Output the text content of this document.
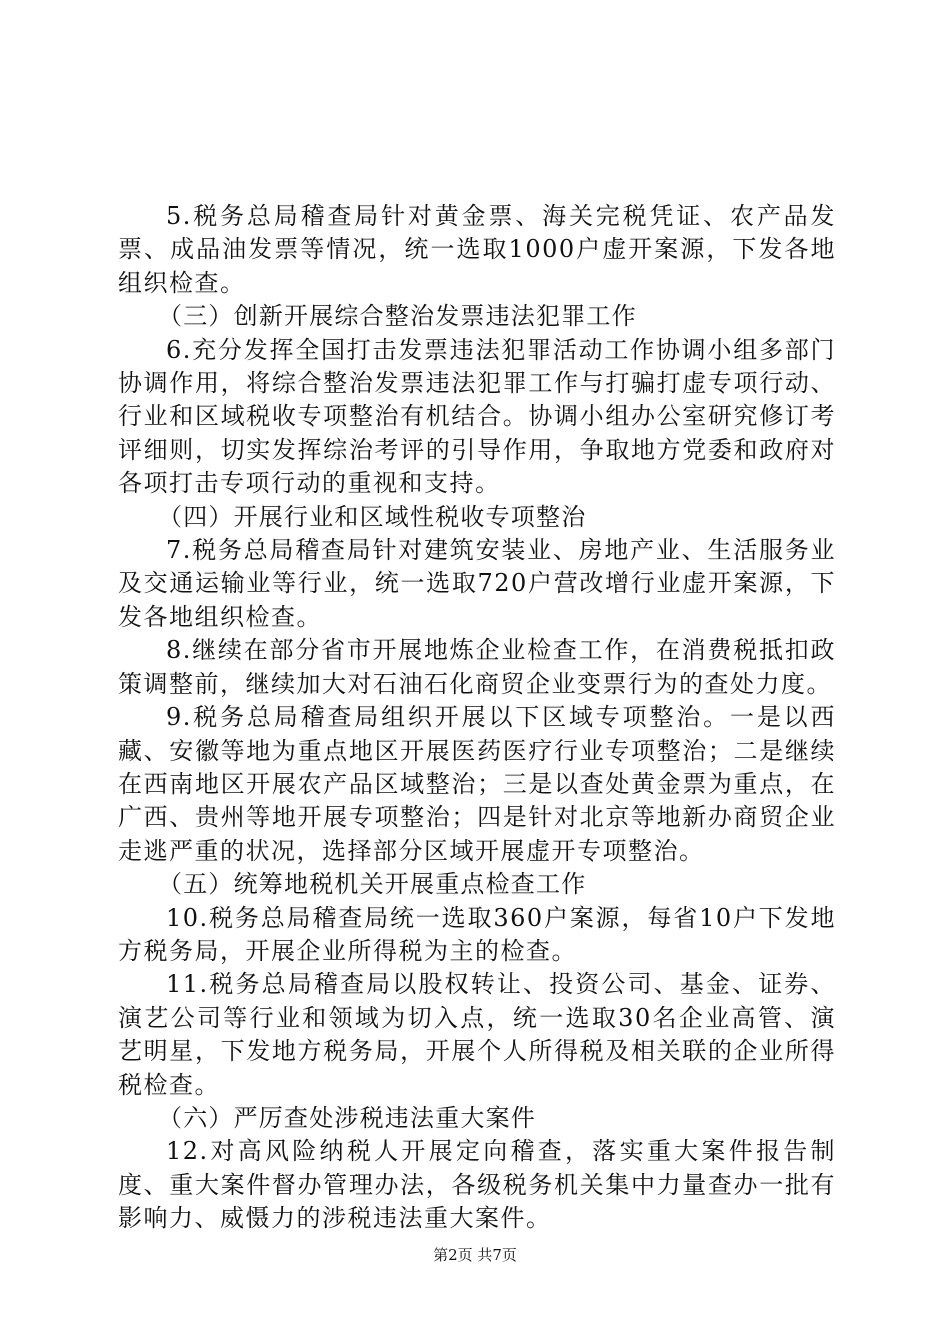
5.税务总局稽查局针对黄金票、海关完税凭证、农产品发票、成品油发票等情况，统一选取1000户虚开案源，下发各地组织检查。

（三）创新开展综合整治发票违法犯罪工作

6.充分发挥全国打击发票违法犯罪活动工作协调小组多部门协调作用，将综合整治发票违法犯罪工作与打骗打虚专项行动、行业和区域税收专项整治有机结合。协调小组办公室研究修订考评细则，切实发挥综治考评的引导作用，争取地方党委和政府对各项打击专项行动的重视和支持。

（四）开展行业和区域性税收专项整治

7.税务总局稽查局针对建筑安装业、房地产业、生活服务业及交通运输业等行业，统一选取720户营改增行业虚开案源，下发各地组织检查。

8.继续在部分省市开展地炼企业检查工作，在消费税抵扣政策调整前，继续加大对石油石化商贸企业变票行为的查处力度。

9.税务总局稽查局组织开展以下区域专项整治。一是以西藏、安徽等地为重点地区开展医药医疗行业专项整治；二是继续在西南地区开展农产品区域整治；三是以查处黄金票为重点，在广西、贵州等地开展专项整治；四是针对北京等地新办商贸企业走逃严重的状况，选择部分区域开展虚开专项整治。

（五）统筹地税机关开展重点检查工作

10.税务总局稽查局统一选取360户案源，每省10户下发地方税务局，开展企业所得税为主的检查。

11.税务总局稽查局以股权转让、投资公司、基金、证券、演艺公司等行业和领域为切入点，统一选取30名企业高管、演艺明星，下发地方税务局，开展个人所得税及相关联的企业所得税检查。

（六）严厉查处涉税违法重大案件

12.对高风险纳税人开展定向稽查，落实重大案件报告制度、重大案件督办管理办法，各级税务机关集中力量查办一批有影响力、威慑力的涉税违法重大案件。

第2页 共7页
